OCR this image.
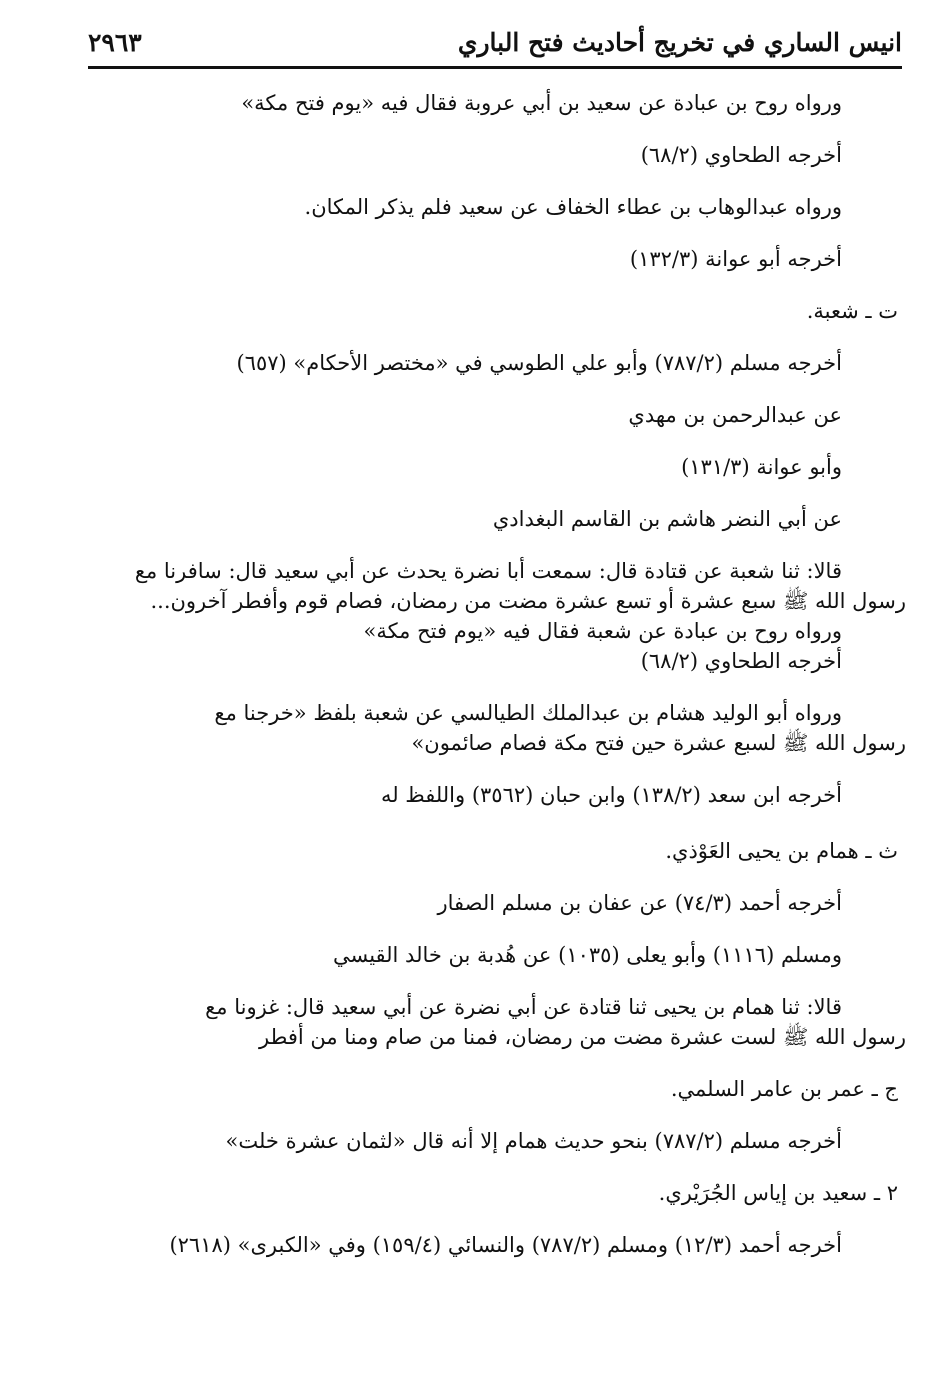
انيس الساري في تخريج أحاديث فتح الباري
٢٩٦٣
ورواه روح بن عبادة عن سعيد بن أبي عروبة فقال فيه «يوم فتح مكة»
أخرجه الطحاوي (٦٨/٢)
ورواه عبدالوهاب بن عطاء الخفاف عن سعيد فلم يذكر المكان.
أخرجه أبو عوانة (١٣٢/٣)
ت ـ شعبة.
أخرجه مسلم (٧٨٧/٢) وأبو علي الطوسي في «مختصر الأحكام» (٦٥٧)
عن عبدالرحمن بن مهدي
وأبو عوانة (١٣١/٣)
عن أبي النضر هاشم بن القاسم البغدادي
قالا: ثنا شعبة عن قتادة قال: سمعت أبا نضرة يحدث عن أبي سعيد قال: سافرنا مع
رسول الله ﷺ سبع عشرة أو تسع عشرة مضت من رمضان، فصام قوم وأفطر آخرون...
ورواه روح بن عبادة عن شعبة فقال فيه «يوم فتح مكة»
أخرجه الطحاوي (٦٨/٢)
ورواه أبو الوليد هشام بن عبدالملك الطيالسي عن شعبة بلفظ «خرجنا مع
رسول الله ﷺ لسبع عشرة حين فتح مكة فصام صائمون»
أخرجه ابن سعد (١٣٨/٢) وابن حبان (٣٥٦٢) واللفظ له
ث ـ همام بن يحيى العَوْذي.
أخرجه أحمد (٧٤/٣) عن عفان بن مسلم الصفار
ومسلم (١١١٦) وأبو يعلى (١٠٣٥) عن هُدبة بن خالد القيسي
قالا: ثنا همام بن يحيى ثنا قتادة عن أبي نضرة عن أبي سعيد قال: غزونا مع
رسول الله ﷺ لست عشرة مضت من رمضان، فمنا من صام ومنا من أفطر
ج ـ عمر بن عامر السلمي.
أخرجه مسلم (٧٨٧/٢) بنحو حديث همام إلا أنه قال «لثمان عشرة خلت»
٢ ـ سعيد بن إياس الجُرَيْري.
أخرجه أحمد (١٢/٣) ومسلم (٧٨٧/٢) والنسائي (١٥٩/٤) وفي «الكبرى» (٢٦١٨)
